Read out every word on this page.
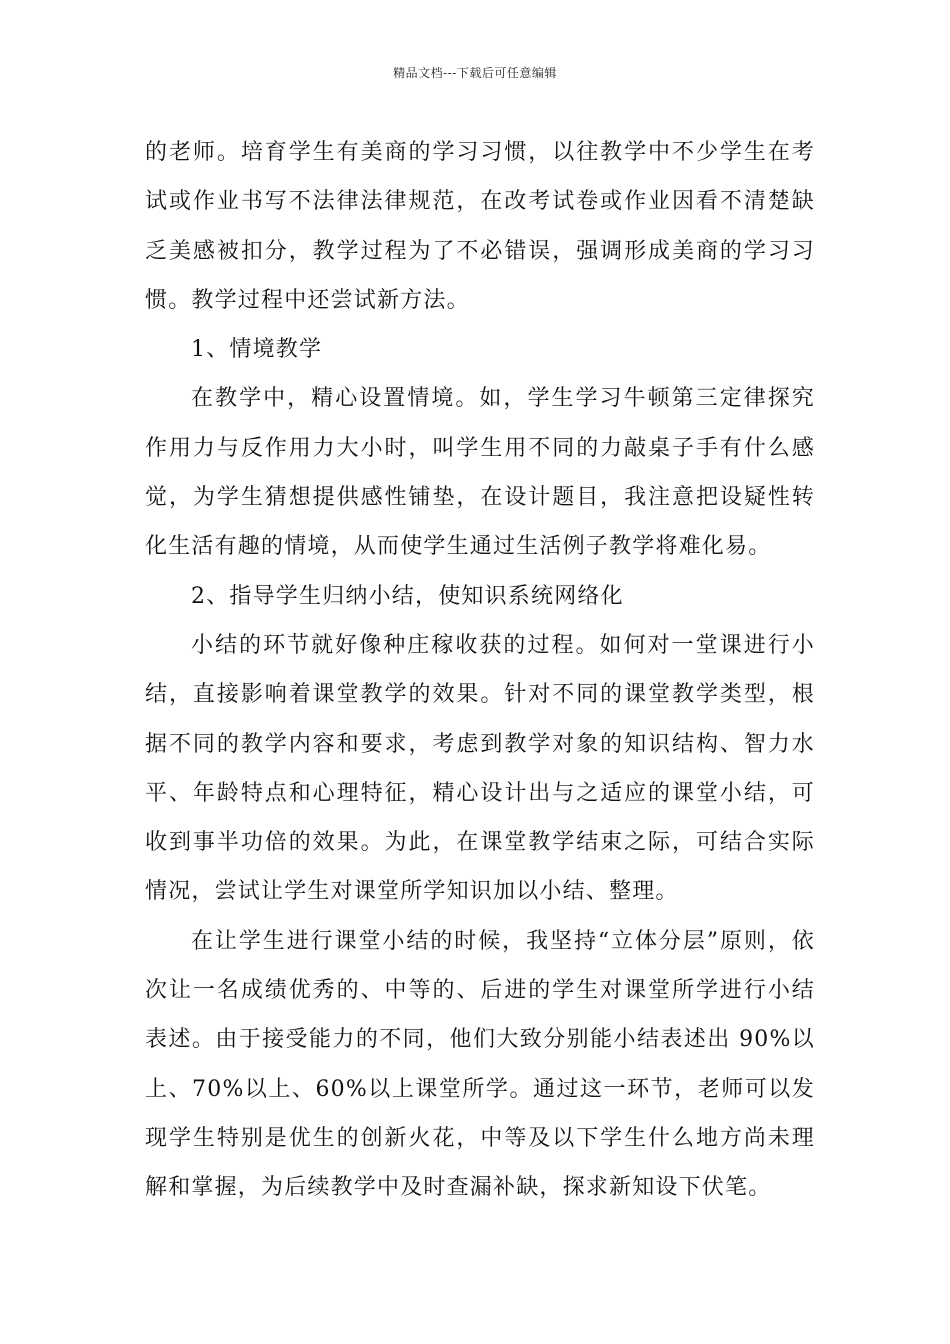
精品文档---下载后可任意编辑

的老师。培育学生有美商的学习习惯，以往教学中不少学生在考试或作业书写不法律法律规范，在改考试卷或作业因看不清楚缺乏美感被扣分，教学过程为了不必错误，强调形成美商的学习习惯。教学过程中还尝试新方法。

1、情境教学

在教学中，精心设置情境。如，学生学习牛顿第三定律探究作用力与反作用力大小时，叫学生用不同的力敲桌子手有什么感觉，为学生猜想提供感性铺垫，在设计题目，我注意把设疑性转化生活有趣的情境，从而使学生通过生活例子教学将难化易。

2、指导学生归纳小结，使知识系统网络化

小结的环节就好像种庄稼收获的过程。如何对一堂课进行小结，直接影响着课堂教学的效果。针对不同的课堂教学类型，根据不同的教学内容和要求，考虑到教学对象的知识结构、智力水平、年龄特点和心理特征，精心设计出与之适应的课堂小结，可收到事半功倍的效果。为此，在课堂教学结束之际，可结合实际情况，尝试让学生对课堂所学知识加以小结、整理。

在让学生进行课堂小结的时候，我坚持“立体分层”原则，依次让一名成绩优秀的、中等的、后进的学生对课堂所学进行小结表述。由于接受能力的不同，他们大致分别能小结表述出 90%以上、70%以上、60%以上课堂所学。通过这一环节，老师可以发现学生特别是优生的创新火花，中等及以下学生什么地方尚未理解和掌握，为后续教学中及时查漏补缺，探求新知设下伏笔。
